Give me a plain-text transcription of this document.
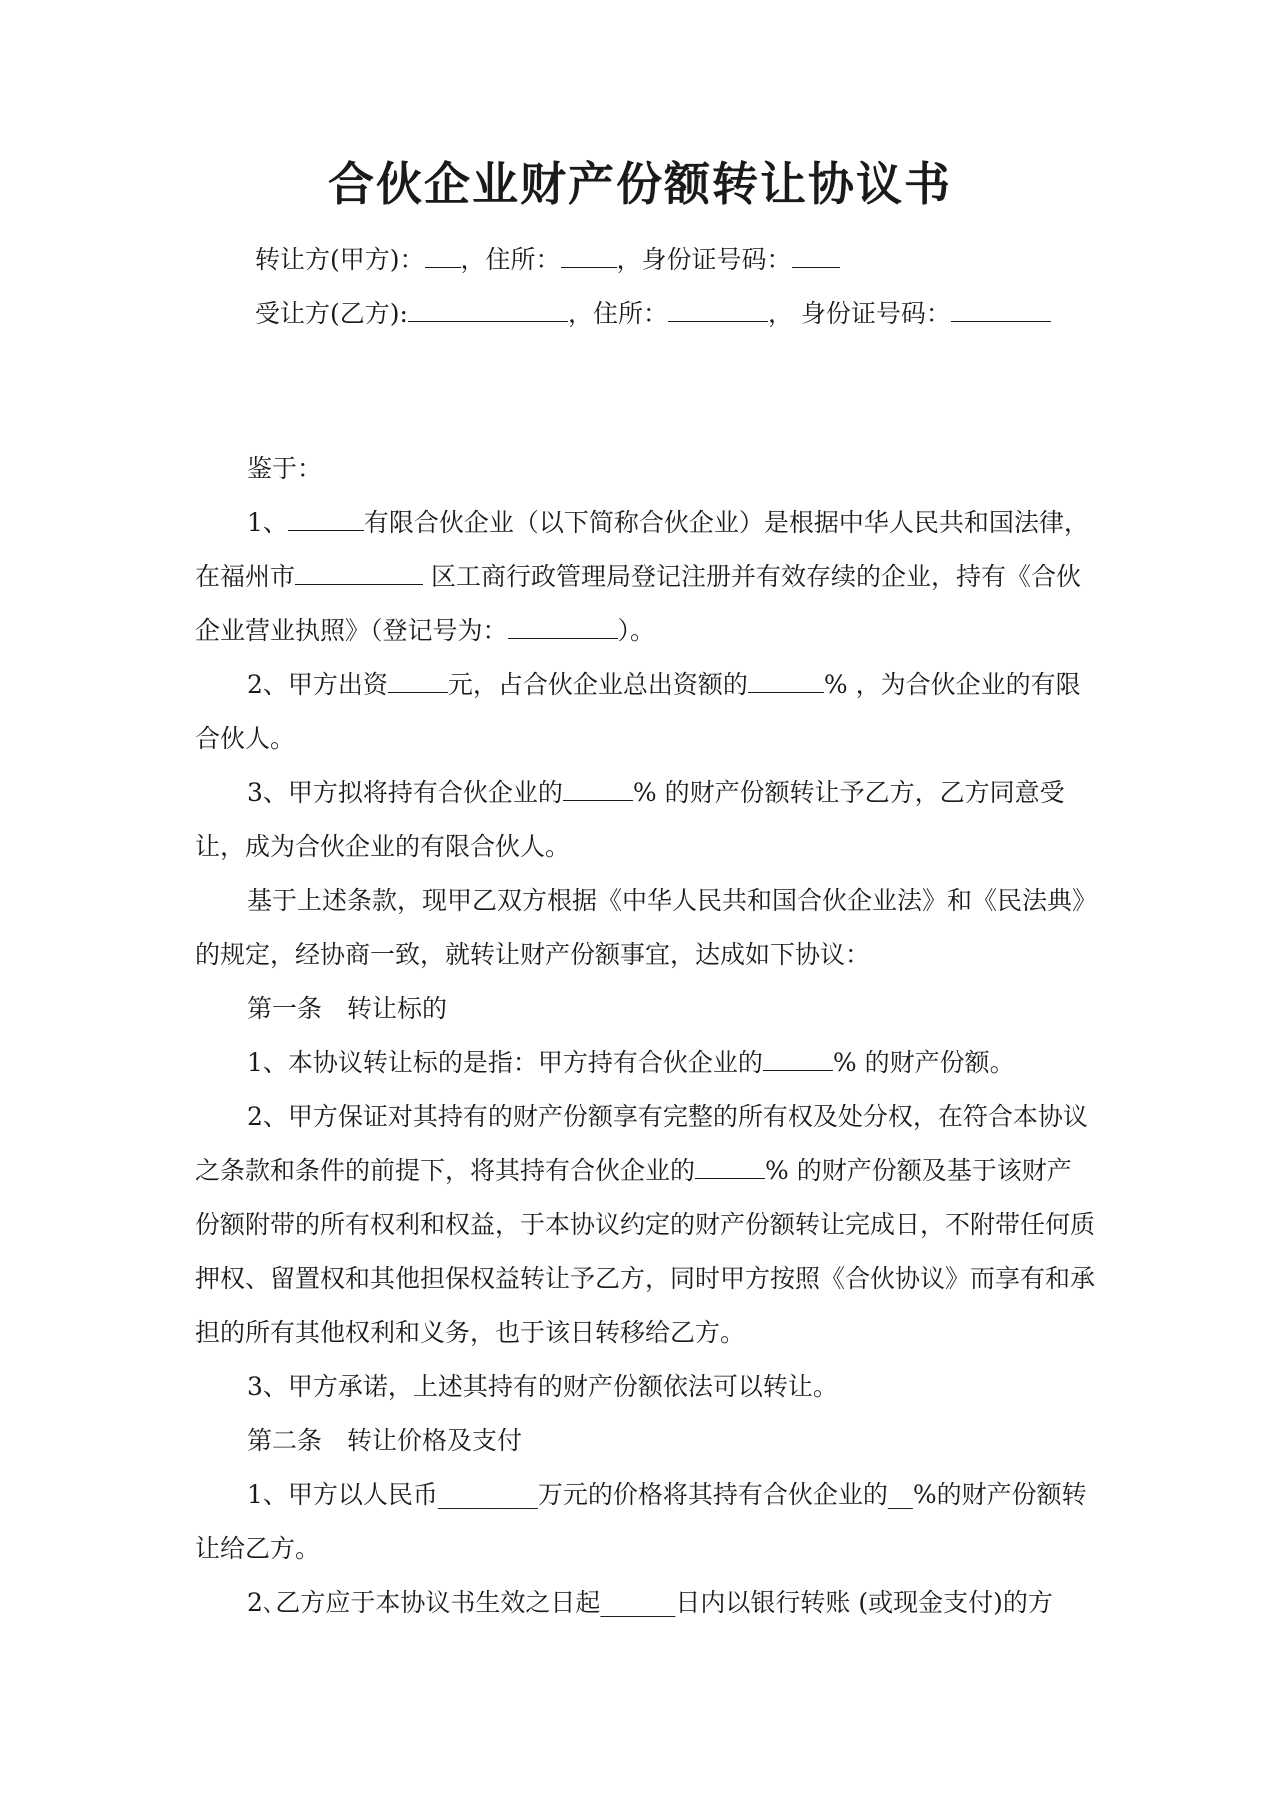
合伙企业财产份额转让协议书
转让方(甲方)： ，住所： ，身份证号码：
受让方(乙方):	，住所：	， 身份证号码：

鉴于：

1、	有限合伙企业（以下简称合伙企业）是根据中华人民共和国法律，在福州市	区工商行政管理局登记注册并有效存续的企业，持有《合伙企业营业执照》（登记号为：	）。

2、甲方出资 元，占合伙企业总出资额的	% ，为合伙企业的有限合伙人。

3、甲方拟将持有合伙企业的	% 的财产份额转让予乙方，乙方同意受让，成为合伙企业的有限合伙人。

基于上述条款，现甲乙双方根据《中华人民共和国合伙企业法》和《民法典》的规定，经协商一致，就转让财产份额事宜，达成如下协议：

第一条　转让标的

1、本协议转让标的是指：甲方持有合伙企业的	% 的财产份额。

2、甲方保证对其持有的财产份额享有完整的所有权及处分权，在符合本协议之条款和条件的前提下，将其持有合伙企业的	% 的财产份额及基于该财产份额附带的所有权利和权益，于本协议约定的财产份额转让完成日，不附带任何质押权、留置权和其他担保权益转让予乙方，同时甲方按照《合伙协议》而享有和承担的所有其他权利和义务，也于该日转移给乙方。

3、甲方承诺，上述其持有的财产份额依法可以转让。

第二条　转让价格及支付

1、甲方以人民币________万元的价格将其持有合伙企业的__%的财产份额转让给乙方。

2､乙方应于本协议书生效之日起______日内以银行转账 (或现金支付)的方
